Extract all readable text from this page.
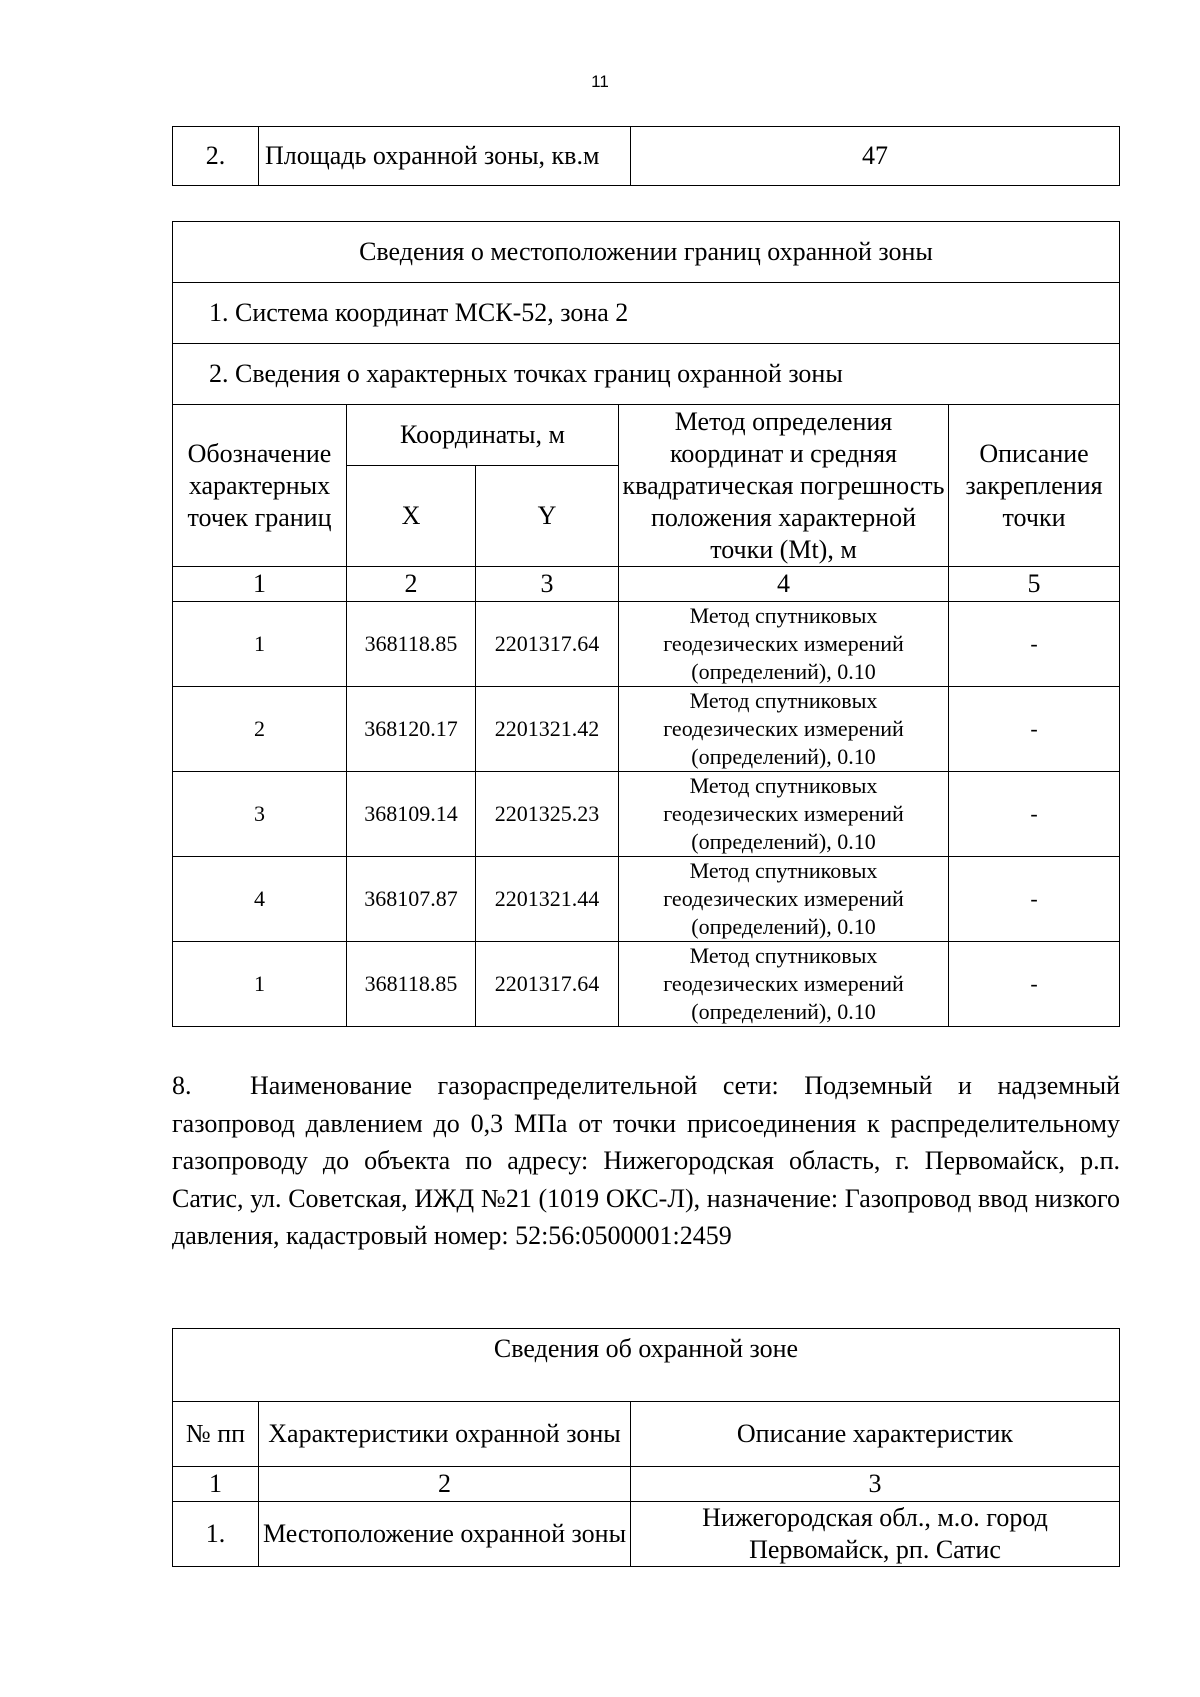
11
2.	Площадь охранной зоны, кв.м	47
Сведения о местоположении границ охранной зоны				
1. Система координат МСК-52, зона 2				
2. Сведения о характерных точках границ охранной зоны				
Обозначение характерных точек границ	Координаты, м		Метод определения координат и средняя квадратическая погрешность положения характерной точки (Mt), м	Описание закрепления точки
	X	Y		
1	2	3	4	5
1	368118.85	2201317.64	Метод спутниковых геодезических измерений (определений), 0.10	-
2	368120.17	2201321.42	Метод спутниковых геодезических измерений (определений), 0.10	-
3	368109.14	2201325.23	Метод спутниковых геодезических измерений (определений), 0.10	-
4	368107.87	2201321.44	Метод спутниковых геодезических измерений (определений), 0.10	-
1	368118.85	2201317.64	Метод спутниковых геодезических измерений (определений), 0.10	-
8. Наименование газораспределительной сети: Подземный и надземный газопровод давлением до 0,3 МПа от точки присоединения к распределительному газопроводу до объекта по адресу: Нижегородская область, г. Первомайск, р.п. Сатис, ул. Советская, ИЖД №21 (1019 ОКС-Л), назначение: Газопровод ввод низкого давления, кадастровый номер: 52:56:0500001:2459
Сведения об охранной зоне		
№ пп	Характеристики охранной зоны	Описание характеристик
1	2	3
1.	Местоположение охранной зоны	Нижегородская обл., м.о. город Первомайск, рп. Сатис
